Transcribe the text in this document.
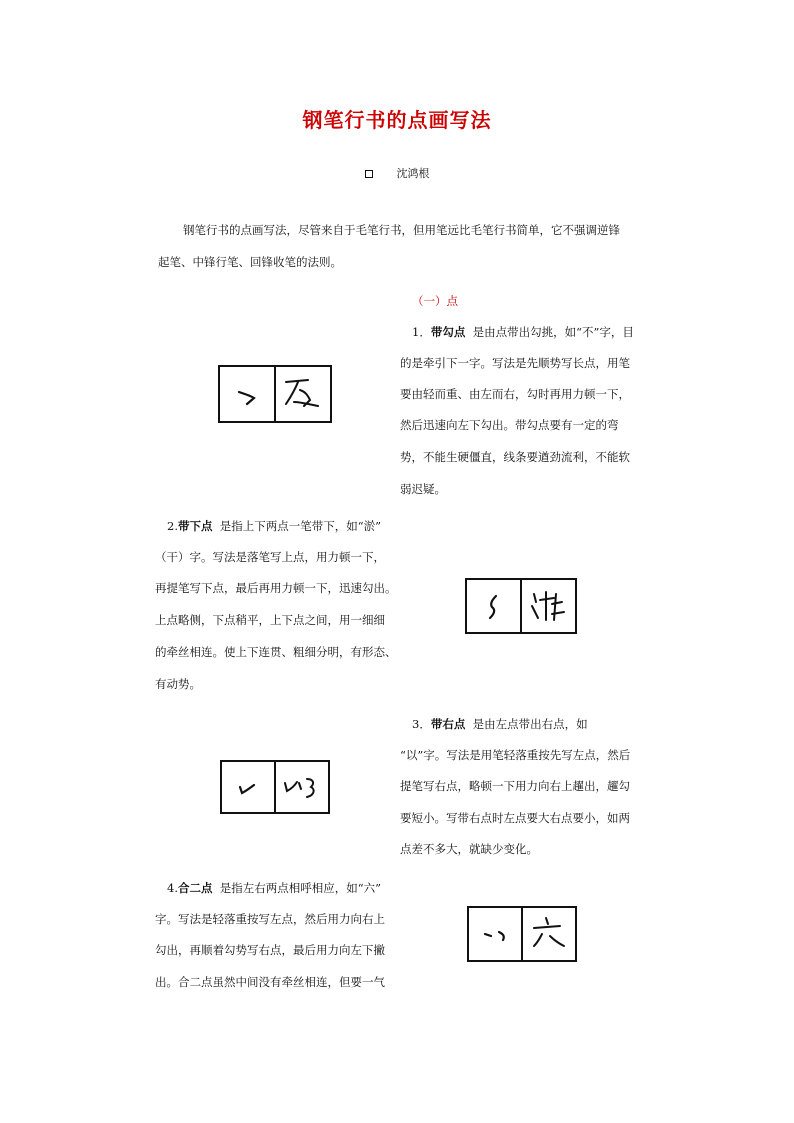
钢笔行书的点画写法
沈鸿根
钢笔行书的点画写法，尽管来自于毛笔行书，但用笔远比毛笔行书简单，它不强调逆锋
起笔、中锋行笔、回锋收笔的法则。
（一）点
1．带勾点 是由点带出勾挑，如“不”字，目
的是牵引下一字。写法是先顺势写长点，用笔
要由轻而重、由左而右，勾时再用力顿一下，
然后迅速向左下勾出。带勾点要有一定的弯
势，不能生硬僵直，线条要遒劲流利，不能软
弱迟疑。
2.带下点 是指上下两点一笔带下，如“淤”
（干）字。写法是落笔写上点，用力顿一下，
再提笔写下点，最后再用力顿一下，迅速勾出。
上点略侧，下点稍平，上下点之间，用一细细
的牵丝相连。使上下连贯、粗细分明，有形态、
有动势。
3．带右点 是由左点带出右点，如
“以”字。写法是用笔轻落重按先写左点，然后
提笔写右点，略顿一下用力向右上趯出，趯勾
要短小。写带右点时左点要大右点要小，如两
点差不多大，就缺少变化。
4.合二点 是指左右两点相呼相应，如“六”
字。写法是轻落重按写左点，然后用力向右上
勾出，再顺着勾势写右点，最后用力向左下撇
出。合二点虽然中间没有牵丝相连，但要一气
